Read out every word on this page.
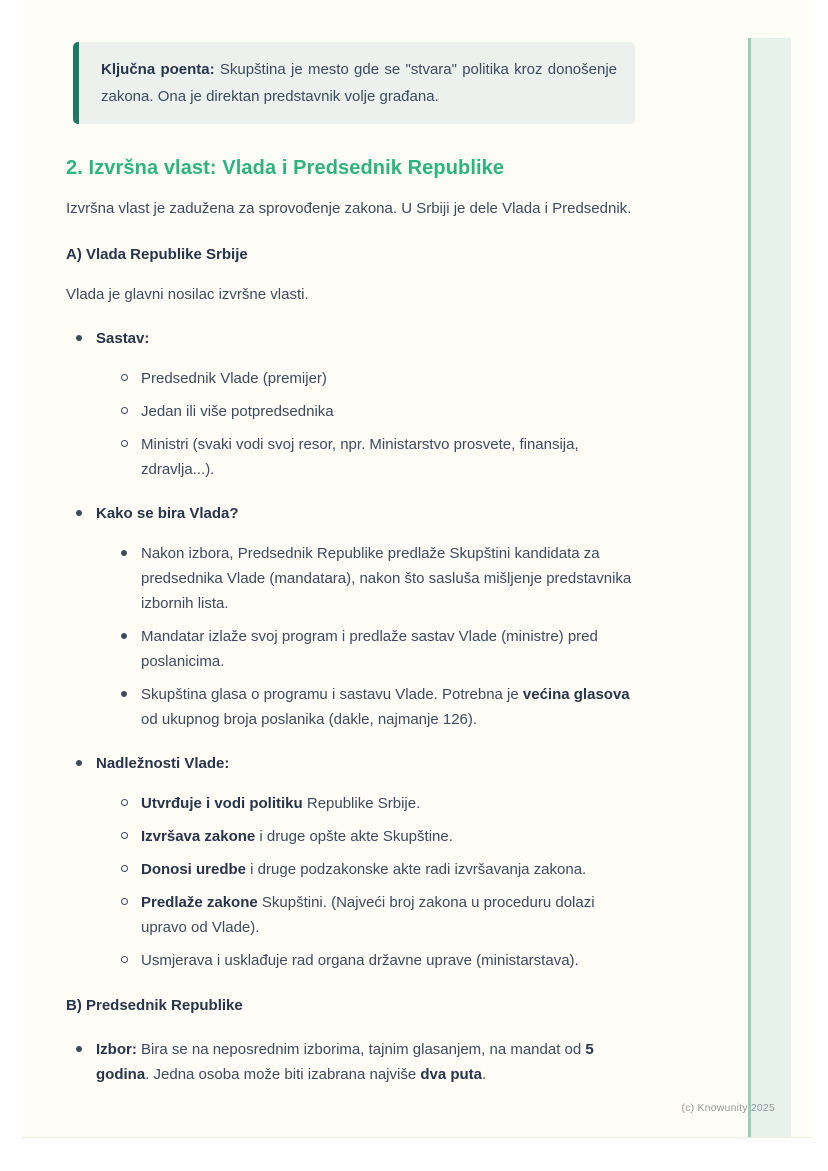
Ključna poenta: Skupština je mesto gde se "stvara" politika kroz donošenje zakona. Ona je direktan predstavnik volje građana.

2. Izvršna vlast: Vlada i Predsednik Republike

Izvršna vlast je zadužena za sprovođenje zakona. U Srbiji je dele Vlada i Predsednik.

A) Vlada Republike Srbije

Vlada je glavni nosilac izvršne vlasti.

Sastav:
Predsednik Vlade (premijer)
Jedan ili više potpredsednika
Ministri (svaki vodi svoj resor, npr. Ministarstvo prosvete, finansija, zdravlja...).
Kako se bira Vlada?
Nakon izbora, Predsednik Republike predlaže Skupštini kandidata za predsednika Vlade (mandatara), nakon što sasluša mišljenje predstavnika izbornih lista.
Mandatar izlaže svoj program i predlaže sastav Vlade (ministre) pred poslanicima.
Skupština glasa o programu i sastavu Vlade. Potrebna je većina glasova od ukupnog broja poslanika (dakle, najmanje 126).
Nadležnosti Vlade:
Utvrđuje i vodi politiku Republike Srbije.
Izvršava zakone i druge opšte akte Skupštine.
Donosi uredbe i druge podzakonske akte radi izvršavanja zakona.
Predlaže zakone Skupštini. (Najveći broj zakona u proceduru dolazi upravo od Vlade).
Usmjerava i usklađuje rad organa državne uprave (ministarstava).

B) Predsednik Republike

Izbor: Bira se na neposrednim izborima, tajnim glasanjem, na mandat od 5 godina. Jedna osoba može biti izabrana najviše dva puta.
(c) Knowunity 2025
